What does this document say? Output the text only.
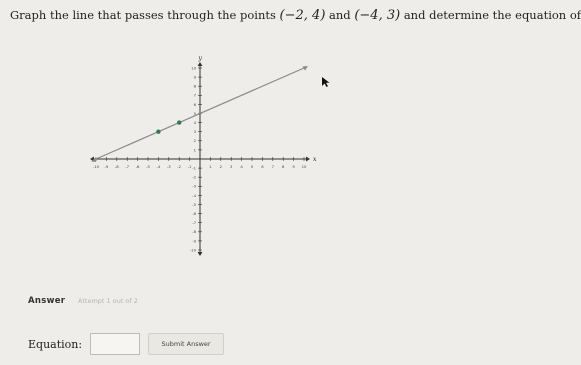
Graph the line that passes through the points (−2, 4) and (−4, 3) and determine the equation of
x
y
-10 -9 -8 -7 -6 -5 -4 -3 -2 -1	1 2 3 4 5 6 7 8 9 10
10
9
8
7
6
5
4
3
2
1
-1
-2
-3
-4
-5
-6
-7
-8
-9
-10
Answer Attempt 1 out of 2
Equation:	Submit Answer
